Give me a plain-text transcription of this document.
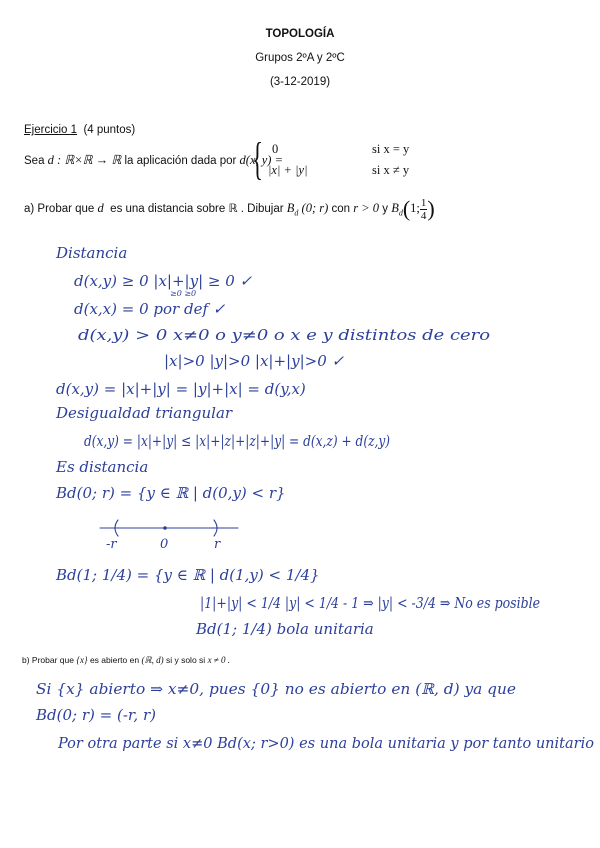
TOPOLOGÍA
Grupos 2ºA y 2ºC
(3-12-2019)
Ejercicio 1 (4 puntos)
Sea d : ℝ×ℝ → ℝ la aplicación dada por d(x, y) =
{ 0	si x = y
|x| + |y|	si x ≠ y
a) Probar que d es una distancia sobre ℝ . Dibujar $B_d$ (0; r) con r > 0 y $B_d(1$; $\frac{1}{4}$ )
Distancia
d(x,y) ≥ 0 |x|+|y| ≥ 0 ✓
≥0 ≥0
d(x,x) = 0 por def ✓
d(x,y) > 0 x≠0 o y≠0 o x e y distintos de cero
|x|>0 |y|>0 |x|+|y|>0 ✓
d(x,y) = |x|+|y| = |y|+|x| = d(y,x)
Desigualdad triangular
d(x,y) = |x|+|y| ≤ |x|+|z|+|z|+|y| = d(x,z) + d(z,y)
Es distancia
Bd(0; r) = {y ∈ ℝ | d(0,y) < r}
-r	0	r
Bd(1; 1/4) = {y ∈ ℝ | d(1,y) < 1/4}
|1|+|y| < 1/4 |y| < 1/4 - 1 ⇒ |y| < -3/4 ⇒ No es posible
Bd(1; 1/4) bola unitaria
b) Probar que {x} es abierto en (ℝ, d) si y solo si x ≠ 0 .
Si {x} abierto ⇒ x≠0, pues {0} no es abierto en (ℝ, d) ya que
Bd(0; r) = (-r, r)
Por otra parte si x≠0 Bd(x; r>0) es una bola unitaria y por tanto unitario
